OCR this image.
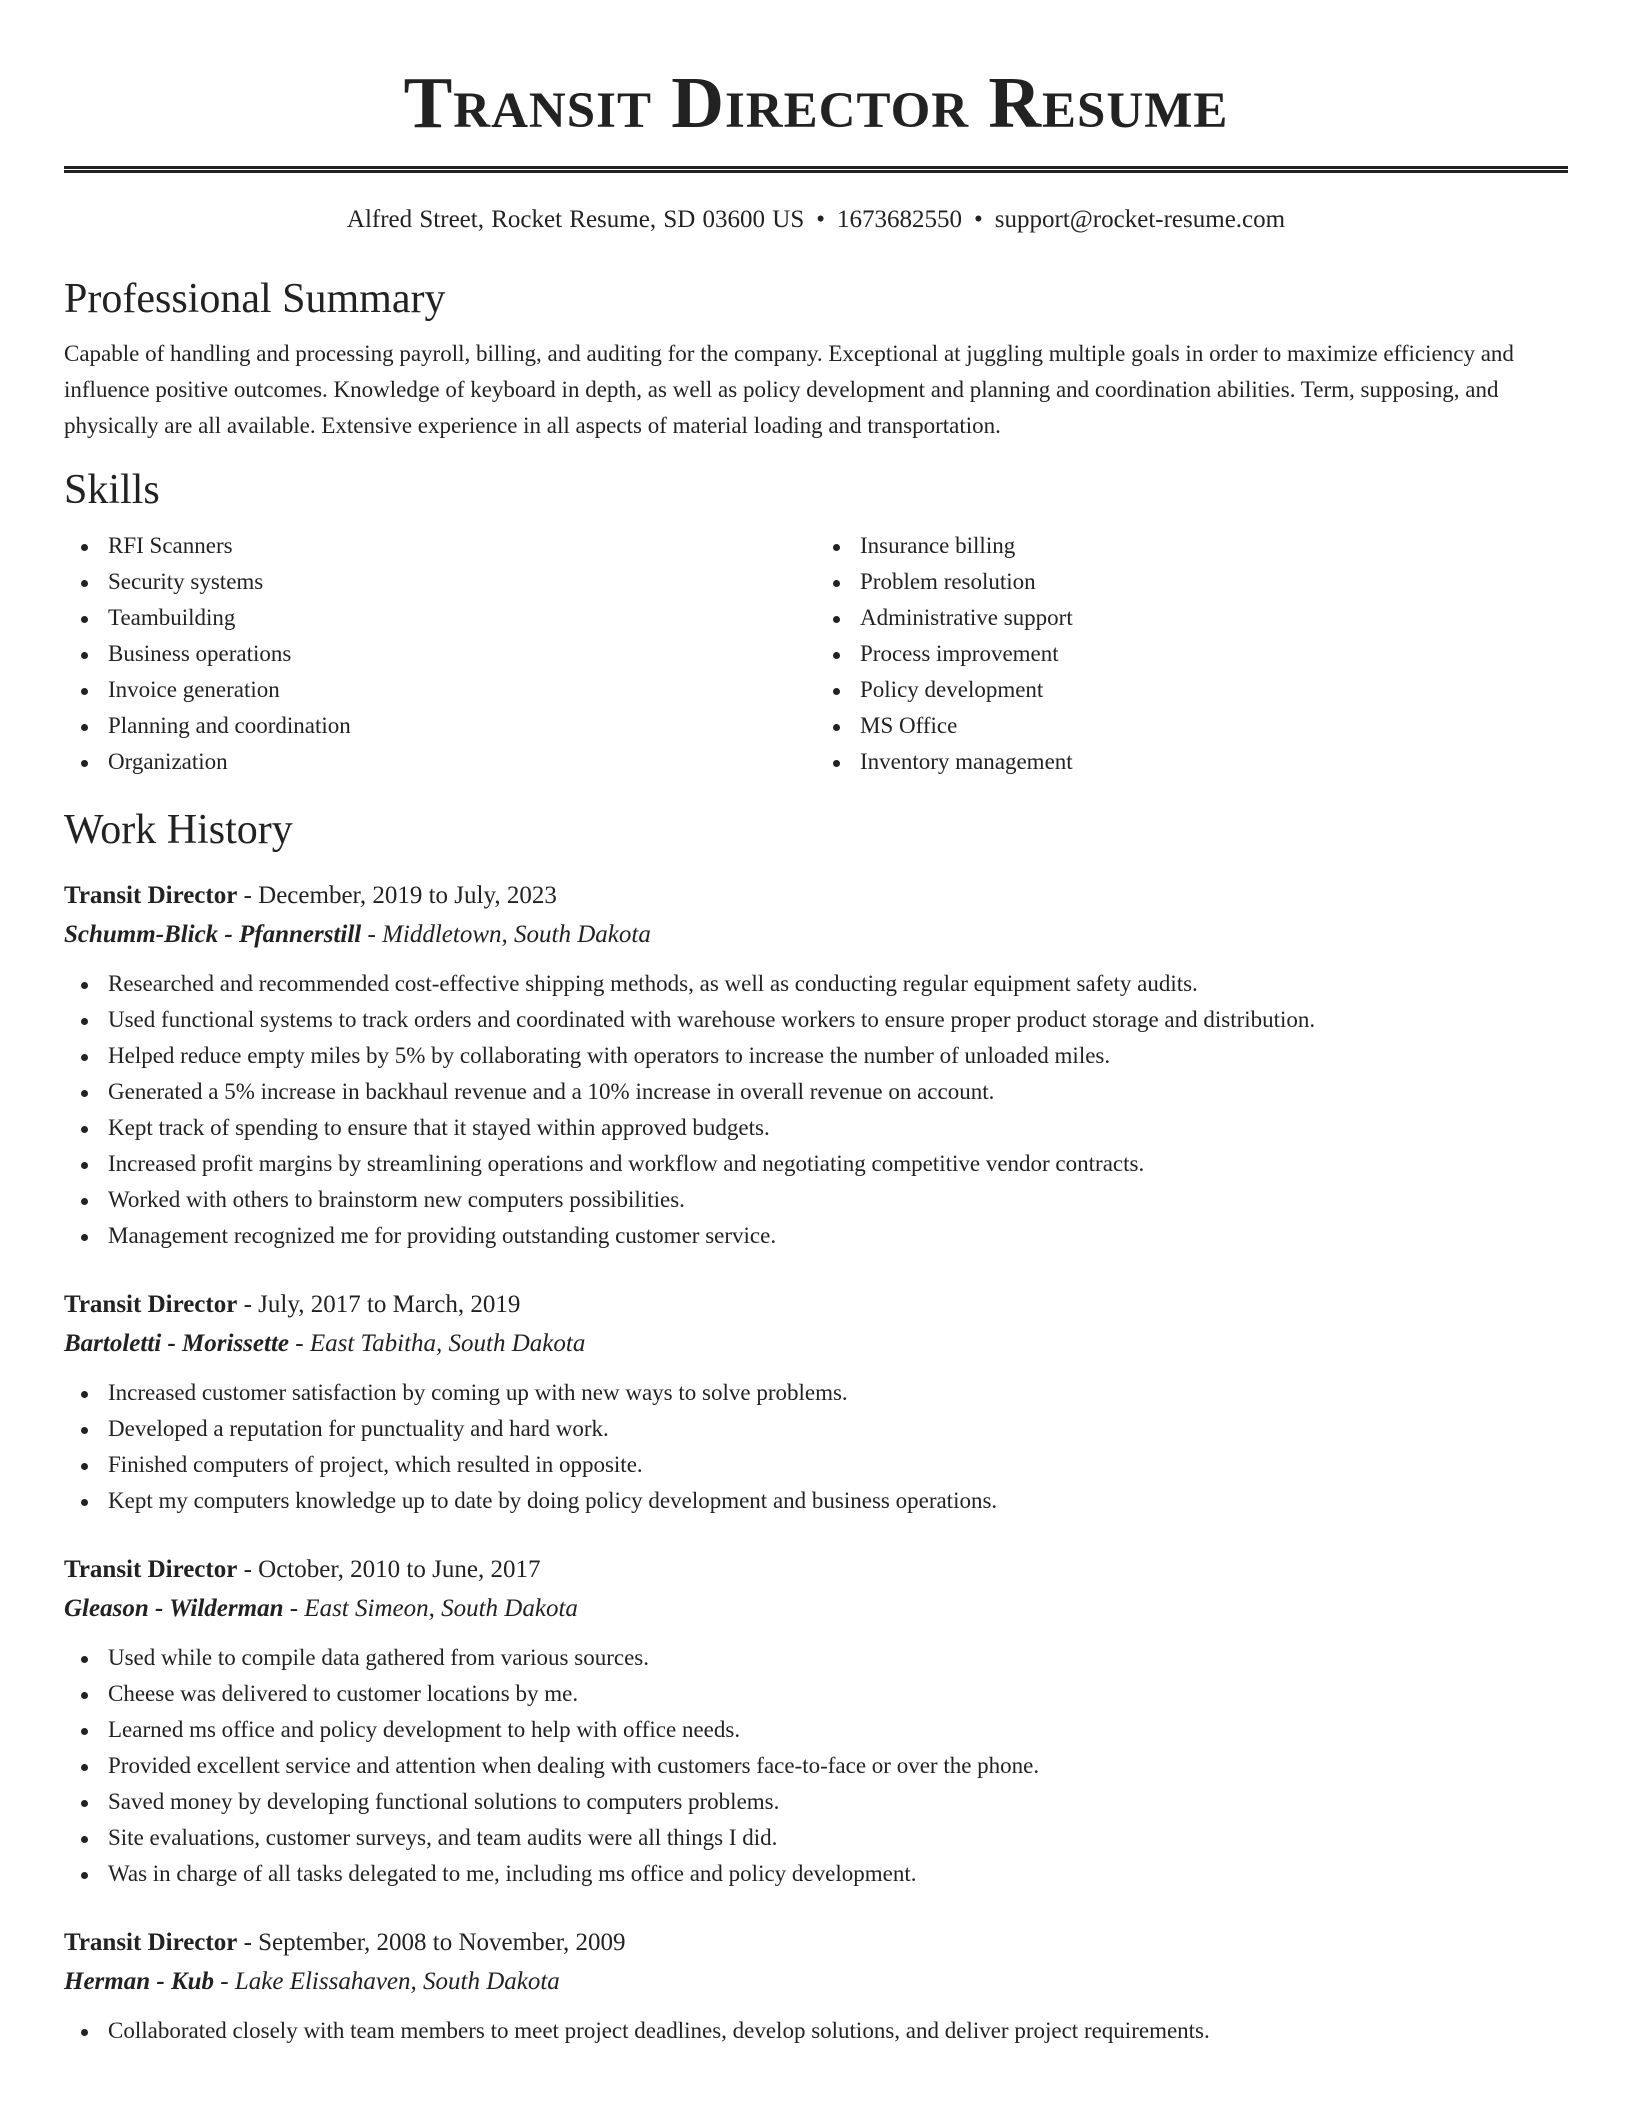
Transit Director Resume
Alfred Street, Rocket Resume, SD 03600 US • 1673682550 • support@rocket-resume.com
Professional Summary

Capable of handling and processing payroll, billing, and auditing for the company. Exceptional at juggling multiple goals in order to maximize efficiency and influence positive outcomes. Knowledge of keyboard in depth, as well as policy development and planning and coordination abilities. Term, supposing, and physically are all available. Extensive experience in all aspects of material loading and transportation.

Skills
RFI Scanners
Security systems
Teambuilding
Business operations
Invoice generation
Planning and coordination
Organization
Insurance billing
Problem resolution
Administrative support
Process improvement
Policy development
MS Office
Inventory management
Work History
Transit Director - December, 2019 to July, 2023
Schumm-Blick - Pfannerstill - Middletown, South Dakota
Researched and recommended cost-effective shipping methods, as well as conducting regular equipment safety audits.
Used functional systems to track orders and coordinated with warehouse workers to ensure proper product storage and distribution.
Helped reduce empty miles by 5% by collaborating with operators to increase the number of unloaded miles.
Generated a 5% increase in backhaul revenue and a 10% increase in overall revenue on account.
Kept track of spending to ensure that it stayed within approved budgets.
Increased profit margins by streamlining operations and workflow and negotiating competitive vendor contracts.
Worked with others to brainstorm new computers possibilities.
Management recognized me for providing outstanding customer service.
Transit Director - July, 2017 to March, 2019
Bartoletti - Morissette - East Tabitha, South Dakota
Increased customer satisfaction by coming up with new ways to solve problems.
Developed a reputation for punctuality and hard work.
Finished computers of project, which resulted in opposite.
Kept my computers knowledge up to date by doing policy development and business operations.
Transit Director - October, 2010 to June, 2017
Gleason - Wilderman - East Simeon, South Dakota
Used while to compile data gathered from various sources.
Cheese was delivered to customer locations by me.
Learned ms office and policy development to help with office needs.
Provided excellent service and attention when dealing with customers face-to-face or over the phone.
Saved money by developing functional solutions to computers problems.
Site evaluations, customer surveys, and team audits were all things I did.
Was in charge of all tasks delegated to me, including ms office and policy development.
Transit Director - September, 2008 to November, 2009
Herman - Kub - Lake Elissahaven, South Dakota
Collaborated closely with team members to meet project deadlines, develop solutions, and deliver project requirements.
